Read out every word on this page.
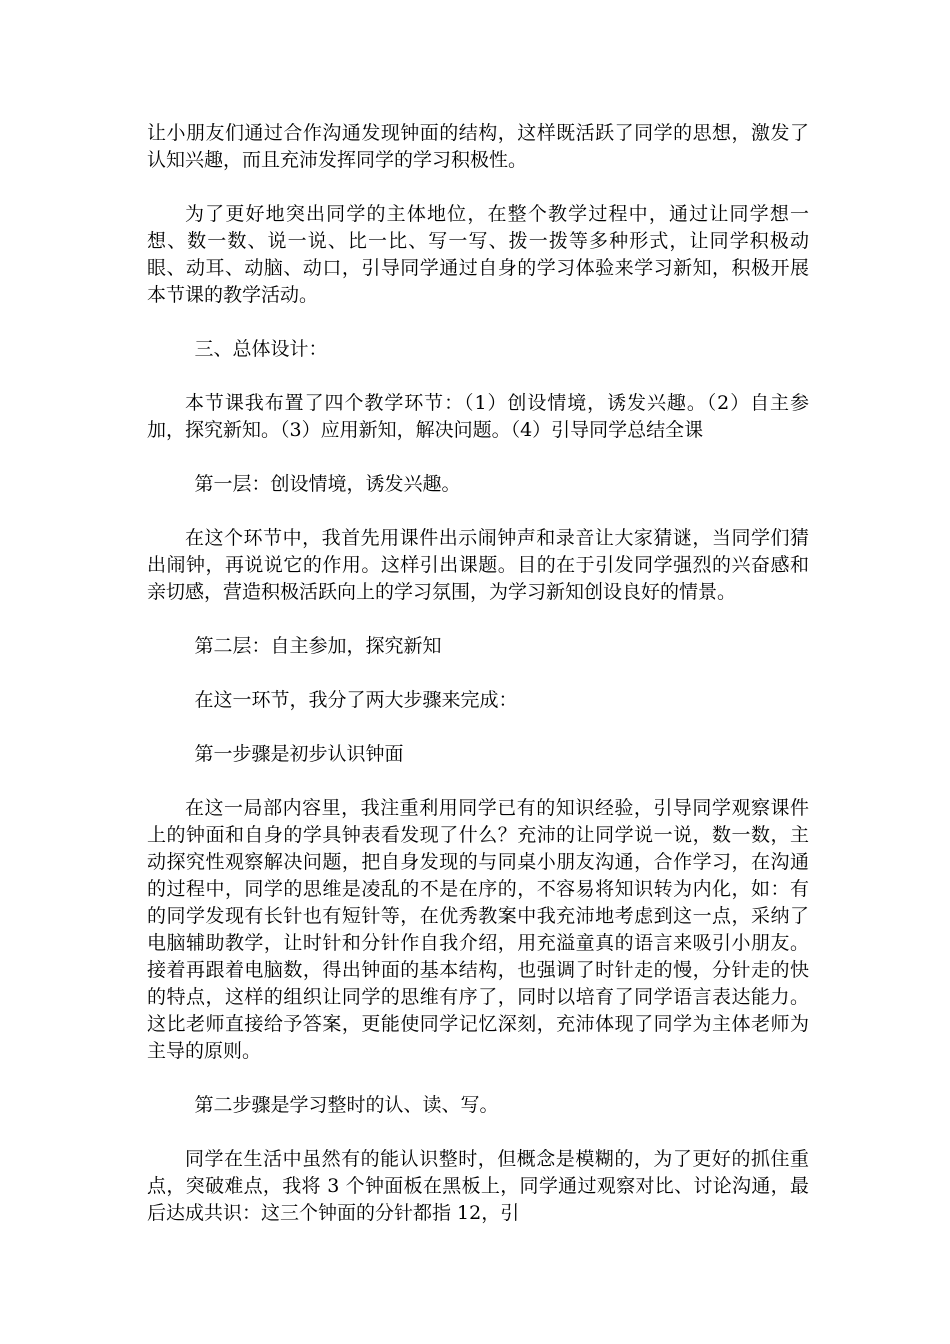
让小朋友们通过合作沟通发现钟面的结构，这样既活跃了同学的思想，激发了认知兴趣，而且充沛发挥同学的学习积极性。

为了更好地突出同学的主体地位，在整个教学过程中，通过让同学想一想、数一数、说一说、比一比、写一写、拨一拨等多种形式，让同学积极动眼、动耳、动脑、动口，引导同学通过自身的学习体验来学习新知，积极开展本节课的教学活动。

三、总体设计：

本节课我布置了四个教学环节：（1）创设情境，诱发兴趣。（2）自主参加，探究新知。（3）应用新知，解决问题。（4）引导同学总结全课

第一层：创设情境，诱发兴趣。

在这个环节中，我首先用课件出示闹钟声和录音让大家猜谜，当同学们猜出闹钟，再说说它的作用。这样引出课题。目的在于引发同学强烈的兴奋感和亲切感，营造积极活跃向上的学习氛围，为学习新知创设良好的情景。

第二层：自主参加，探究新知

在这一环节，我分了两大步骤来完成：

第一步骤是初步认识钟面

在这一局部内容里，我注重利用同学已有的知识经验，引导同学观察课件上的钟面和自身的学具钟表看发现了什么？充沛的让同学说一说，数一数，主动探究性观察解决问题，把自身发现的与同桌小朋友沟通，合作学习，在沟通的过程中，同学的思维是凌乱的不是在序的，不容易将知识转为内化，如：有的同学发现有长针也有短针等，在优秀教案中我充沛地考虑到这一点，采纳了电脑辅助教学，让时针和分针作自我介绍，用充溢童真的语言来吸引小朋友。接着再跟着电脑数，得出钟面的基本结构，也强调了时针走的慢，分针走的快的特点，这样的组织让同学的思维有序了，同时以培育了同学语言表达能力。这比老师直接给予答案，更能使同学记忆深刻，充沛体现了同学为主体老师为主导的原则。

第二步骤是学习整时的认、读、写。

同学在生活中虽然有的能认识整时，但概念是模糊的，为了更好的抓住重点，突破难点，我将 3 个钟面板在黑板上，同学通过观察对比、讨论沟通，最后达成共识：这三个钟面的分针都指 12，引
